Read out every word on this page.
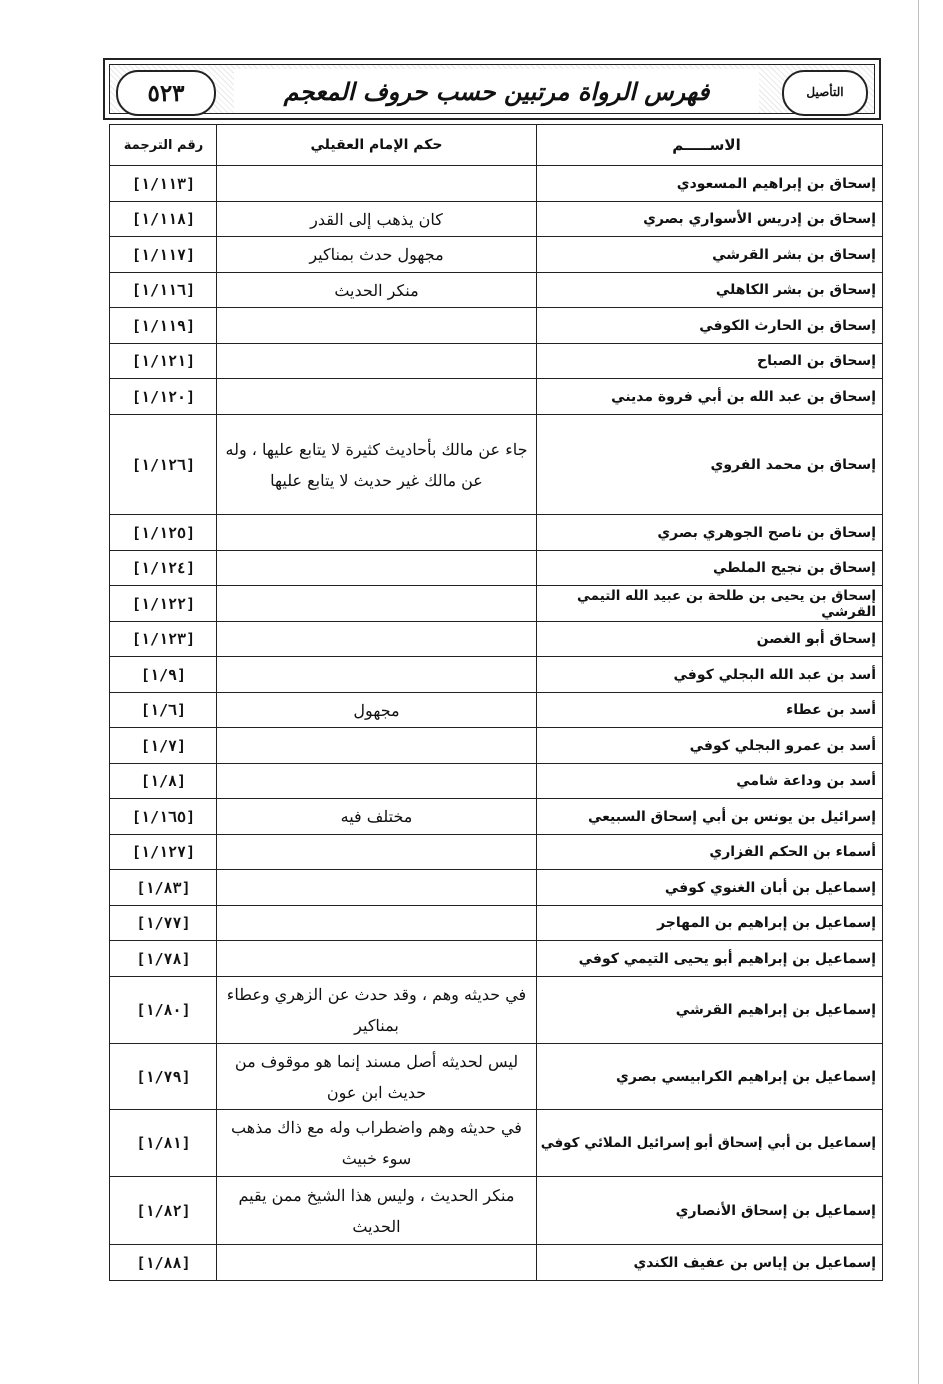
٥٢٣	فهرس الرواة مرتبين حسب حروف المعجم	التأصيل
الاســـــم
حكم الإمام العقيلي
رقم الترجمة
إسحاق بن إبراهيم المسعودي
[١/١١٣]
إسحاق بن إدريس الأسواري بصري
كان يذهب إلى القدر
[١/١١٨]
إسحاق بن بشر القرشي
مجهول حدث بمناكير
[١/١١٧]
إسحاق بن بشر الكاهلي
منكر الحديث
[١/١١٦]
إسحاق بن الحارث الكوفي
[١/١١٩]
إسحاق بن الصباح
[١/١٢١]
إسحاق بن عبد الله بن أبي فروة مديني
[١/١٢٠]
إسحاق بن محمد الفروي
جاء عن مالك بأحاديث كثيرة لا يتابع عليها ، وله عن مالك غير حديث لا يتابع عليها
[١/١٢٦]
إسحاق بن ناصح الجوهري بصري
[١/١٢٥]
إسحاق بن نجيح الملطي
[١/١٢٤]
إسحاق بن يحيى بن طلحة بن عبيد الله التيمي القرشي
[١/١٢٢]
إسحاق أبو الغصن
[١/١٢٣]
أسد بن عبد الله البجلي كوفي
[١/٩]
أسد بن عطاء
مجهول
[١/٦]
أسد بن عمرو البجلي كوفي
[١/٧]
أسد بن وداعة شامي
[١/٨]
إسرائيل بن يونس بن أبي إسحاق السبيعي
مختلف فيه
[١/١٦٥]
أسماء بن الحكم الفزاري
[١/١٢٧]
إسماعيل بن أبان الغنوي كوفي
[١/٨٣]
إسماعيل بن إبراهيم بن المهاجر
[١/٧٧]
إسماعيل بن إبراهيم أبو يحيى التيمي كوفي
[١/٧٨]
إسماعيل بن إبراهيم القرشي
في حديثه وهم ، وقد حدث عن الزهري وعطاء بمناكير
[١/٨٠]
إسماعيل بن إبراهيم الكرابيسي بصري
ليس لحديثه أصل مسند إنما هو موقوف من حديث ابن عون
[١/٧٩]
إسماعيل بن أبي إسحاق أبو إسرائيل الملائي كوفي
في حديثه وهم واضطراب وله مع ذاك مذهب سوء خبيث
[١/٨١]
إسماعيل بن إسحاق الأنصاري
منكر الحديث ، وليس هذا الشيخ ممن يقيم الحديث
[١/٨٢]
إسماعيل بن إياس بن عفيف الكندي
[١/٨٨]
